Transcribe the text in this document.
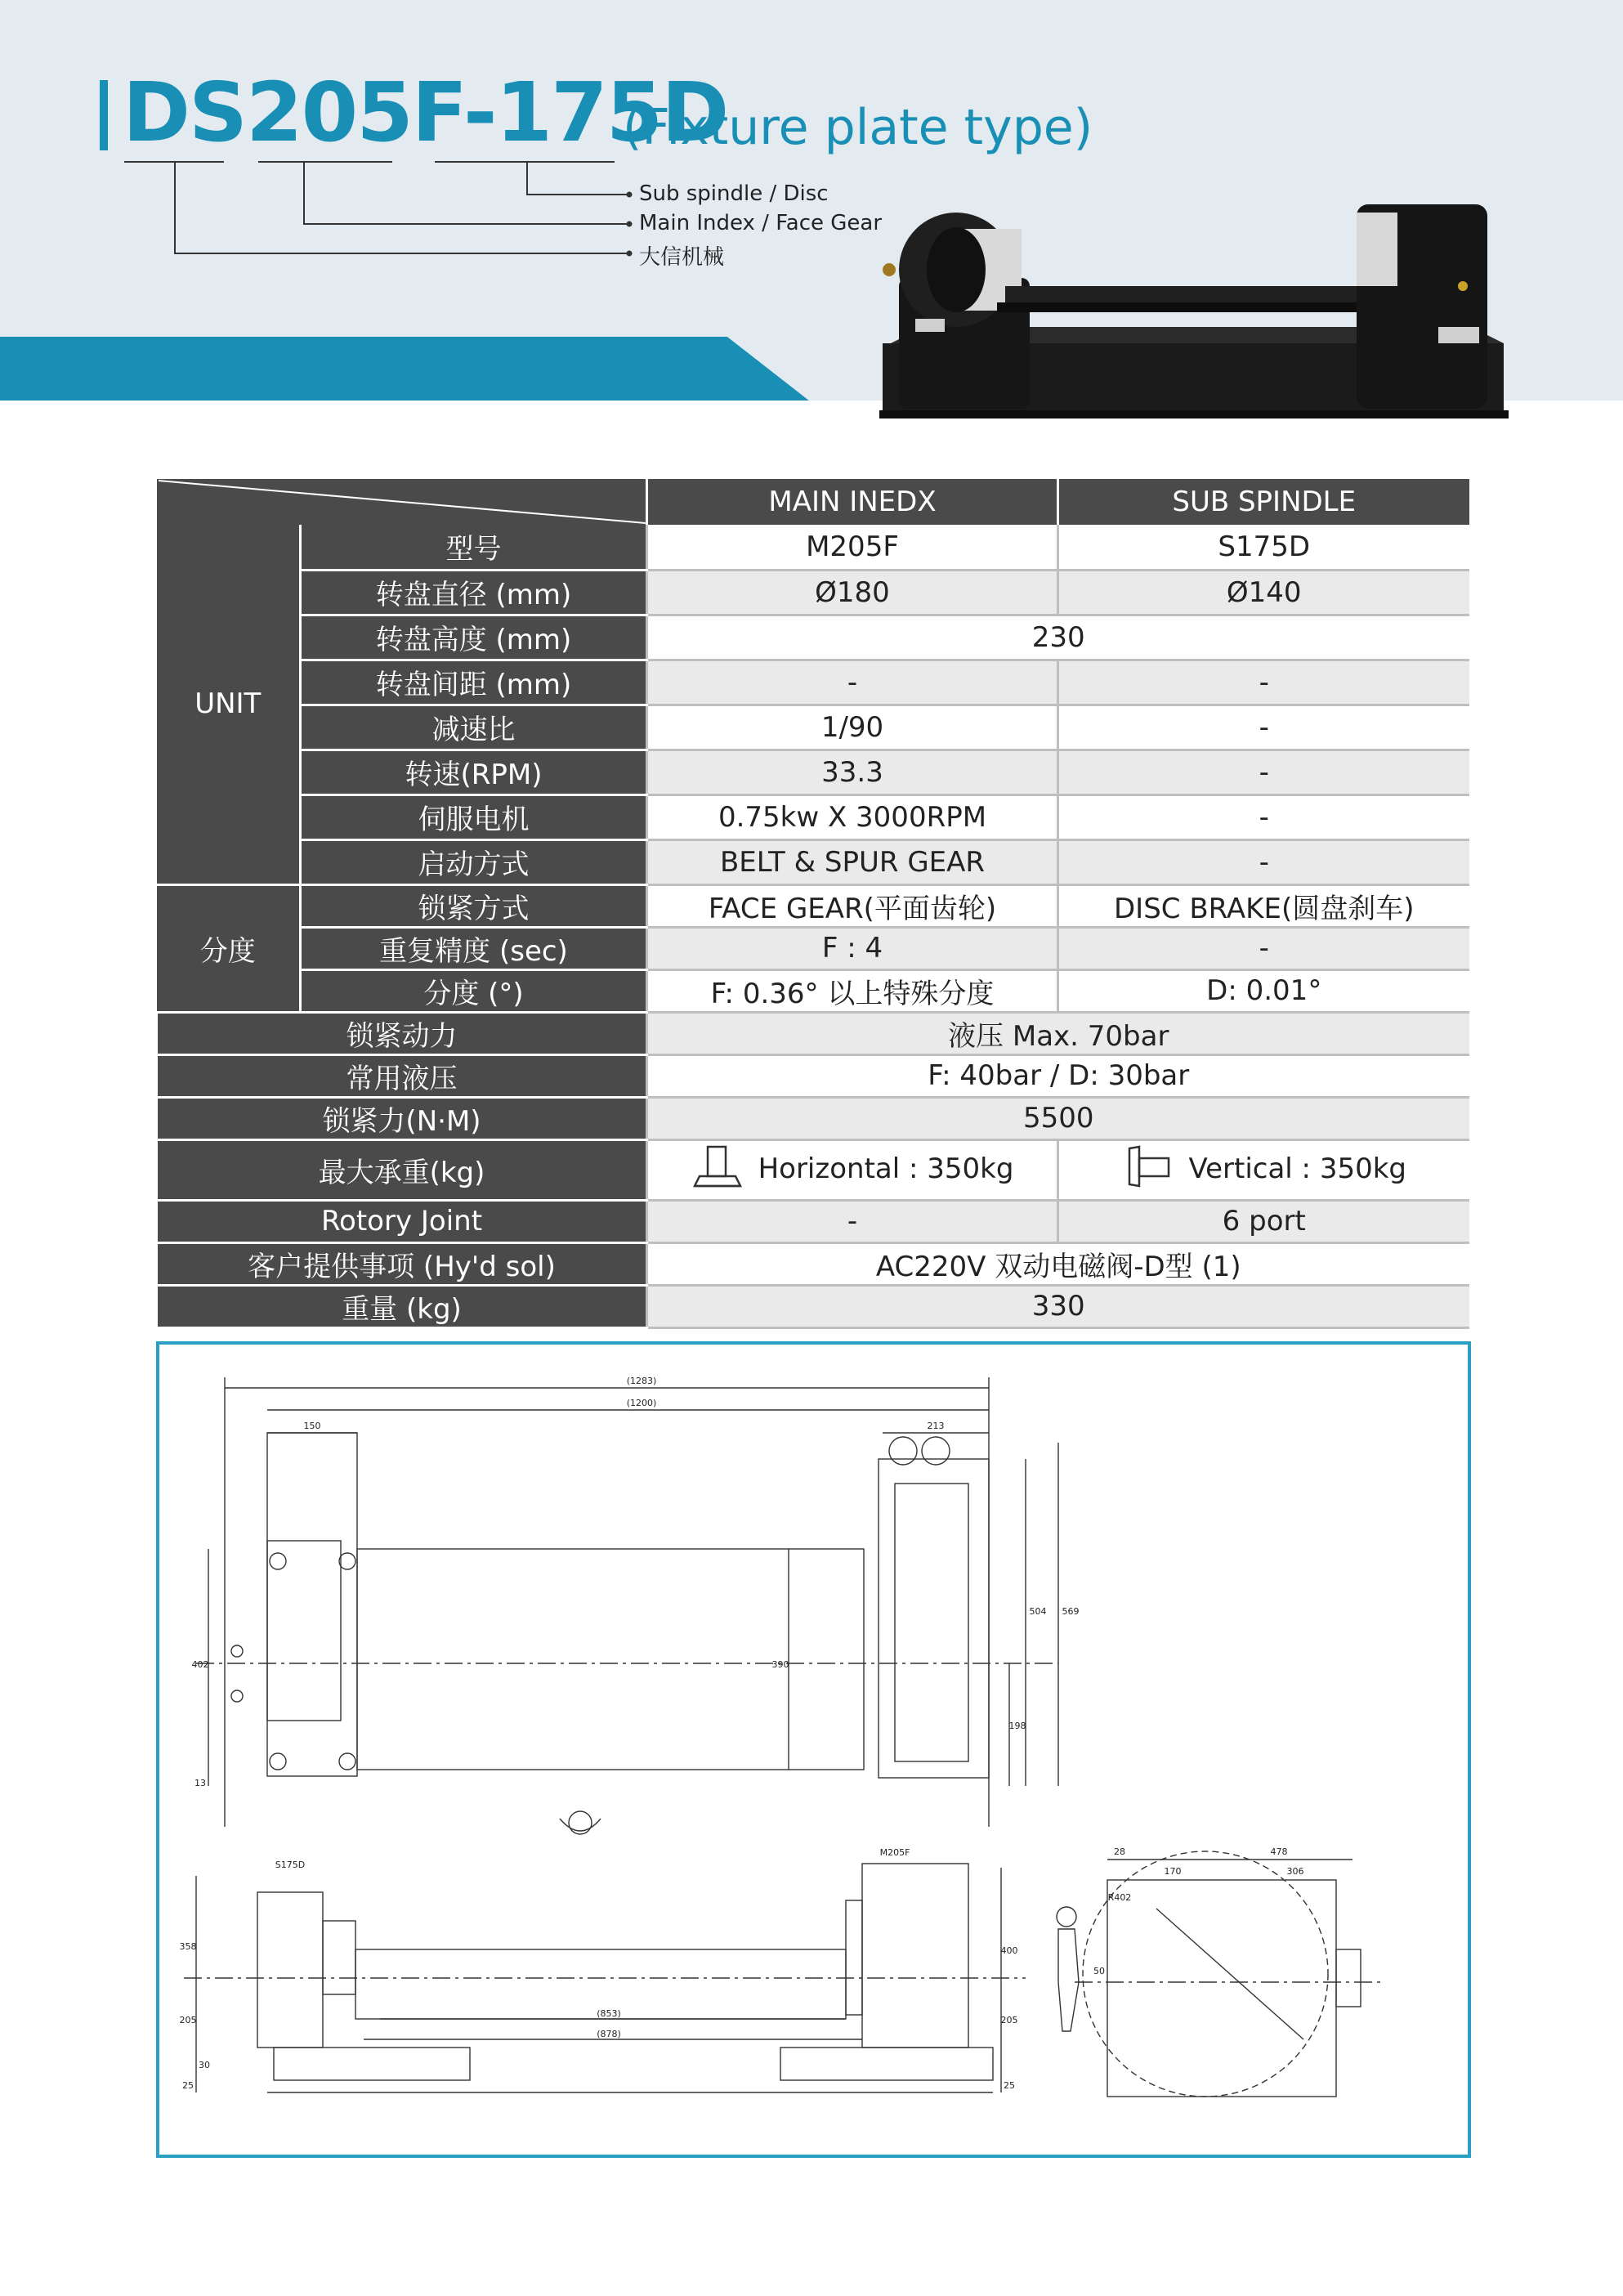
DS205F-175D
(Fixture plate type)
Sub spindle / Disc
Main Index / Face Gear
大信机械
	MAIN INEDX	SUB SPINDLE
UNIT	型号	M205F	S175D
	转盘直径 (mm)	Ø180	Ø140
	转盘高度 (mm)	230	
	转盘间距 (mm)	-	-
	减速比	1/90	-
	转速(RPM)	33.3	-
	伺服电机	0.75kw X 3000RPM	-
	启动方式	BELT & SPUR GEAR	-
分度	锁紧方式	FACE GEAR(平面齿轮)	DISC BRAKE(圆盘刹车)
	重复精度 (sec)	F : 4	-
	分度 (°)	F: 0.36° 以上特殊分度	D: 0.01°
锁紧动力		液压 Max. 70bar	
常用液压		F: 40bar / D: 30bar	
锁紧力(N·M)		5500	
最大承重(kg)		Horizontal : 350kg	Vertical : 350kg
Rotory Joint		-	6 port
客户提供事项 (Hy'd sol)		AC220V 双动电磁阀-D型 (1)	
重量 (kg)		330	
(1283)
(1200)
150	213
402	390
198
504 569
13
S175D
M205F
358
205
30
25
(853)
(878)
400
205
25
28	478
170	306
R402
50
